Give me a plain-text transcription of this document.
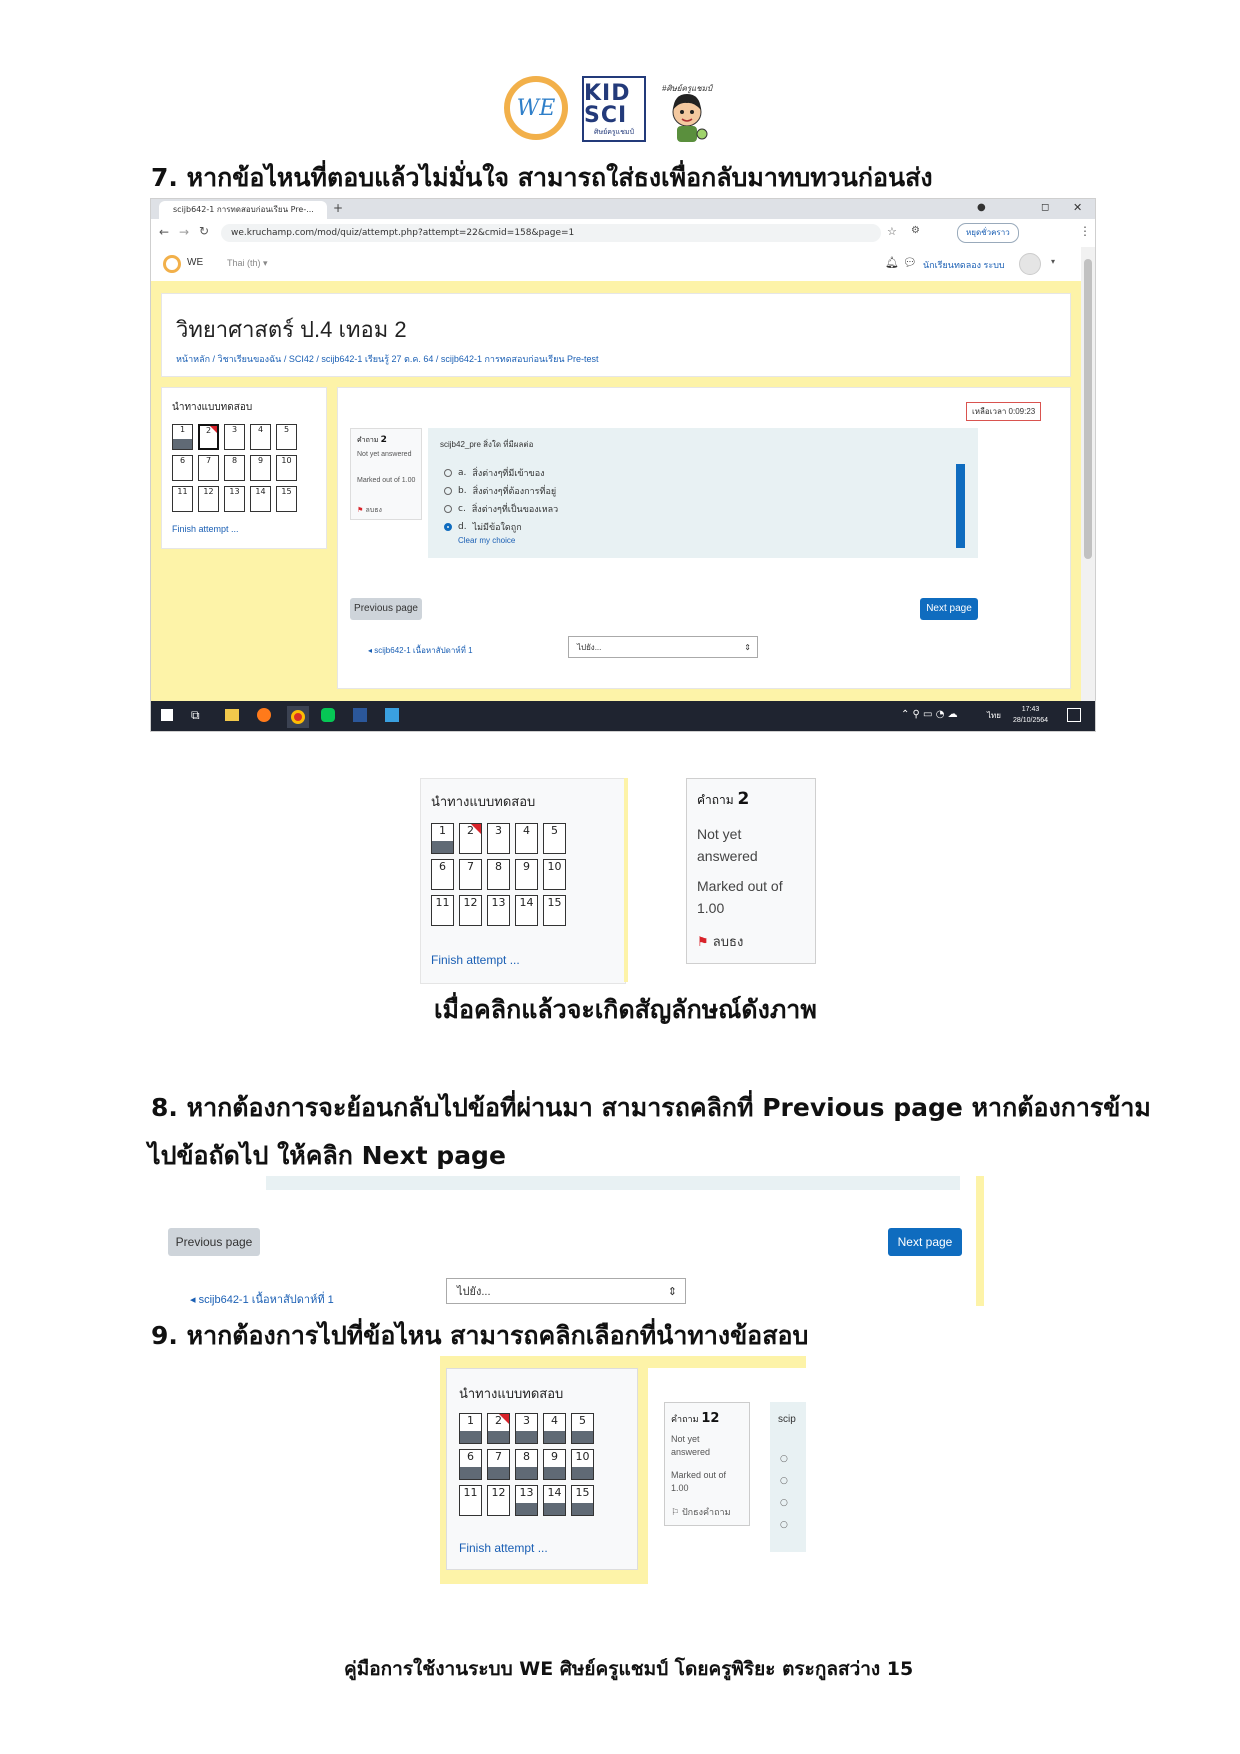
WE
KID SCI
ศิษย์ครูแชมป์
#ศิษย์ครูแชมป์
7. หากข้อไหนที่ตอบแล้วไม่มั่นใจ สามารถใส่ธงเพื่อกลับมาทบทวนก่อนส่ง
scijb642-1 การทดสอบก่อนเรียน Pre-...	+	●	◻ ✕
← → ↻	we.kruchamp.com/mod/quiz/attempt.php?attempt=22&cmid=158&page=1	☆ ⚙	หยุดชั่วคราว	⋮
WE	Thai (th) ▾	🔔︎ 💬︎ นักเรียนทดลอง ระบบ	▾
วิทยาศาสตร์ ป.4 เทอม 2
หน้าหลัก / วิชาเรียนของฉัน / SCI42 / scijb642-1 เรียนรู้ 27 ต.ค. 64 / scijb642-1 การทดสอบก่อนเรียน Pre-test
นำทางแบบทดสอบ
1	2	3	4	5
6	7	8	9	10
11	12	13	14	15
Finish attempt ...
เหลือเวลา 0:09:23
คำถาม 2
Not yet answered
Marked out of 1.00
⚑ ลบธง
scijb42_pre สิ่งใด ที่มีผลต่อ
a. สิ่งต่างๆที่มีเข้าของ
b. สิ่งต่างๆที่ต้องการที่อยู่
c. สิ่งต่างๆที่เป็นของเหลว
d. ไม่มีข้อใดถูก
Clear my choice
Previous page	Next page
◂ scijb642-1 เนื้อหาสัปดาห์ที่ 1	ไปยัง...	⇕
⧉	⌃ ⚲ ▭ ◔ ☁	ไทย
17:43
28/10/2564
นำทางแบบทดสอบ
1	2	3	4	5
6	7	8	9	10
11	12	13	14	15
Finish attempt ...
คำถาม 2
Not yet
answered
Marked out of
1.00
⚑ ลบธง
เมื่อคลิกแล้วจะเกิดสัญลักษณ์ดังภาพ
8. หากต้องการจะย้อนกลับไปข้อที่ผ่านมา สามารถคลิกที่ Previous page หากต้องการข้าม
ไปข้อถัดไป ให้คลิก Next page
Previous page	Next page
◂ scijb642-1 เนื้อหาสัปดาห์ที่ 1
ไปยัง...	⇕
9. หากต้องการไปที่ข้อไหน สามารถคลิกเลือกที่นำทางข้อสอบ
นำทางแบบทดสอบ
1	2	3	4	5
6	7	8	9	10
11	12	13	14	15
Finish attempt ...
คำถาม 12
Not yet
answered
Marked out of
1.00
⚐ ปักธงคำถาม
scip
○
○
○
○
คู่มือการใช้งานระบบ WE ศิษย์ครูแชมป์ โดยครูพิริยะ ตระกูลสว่าง 15
